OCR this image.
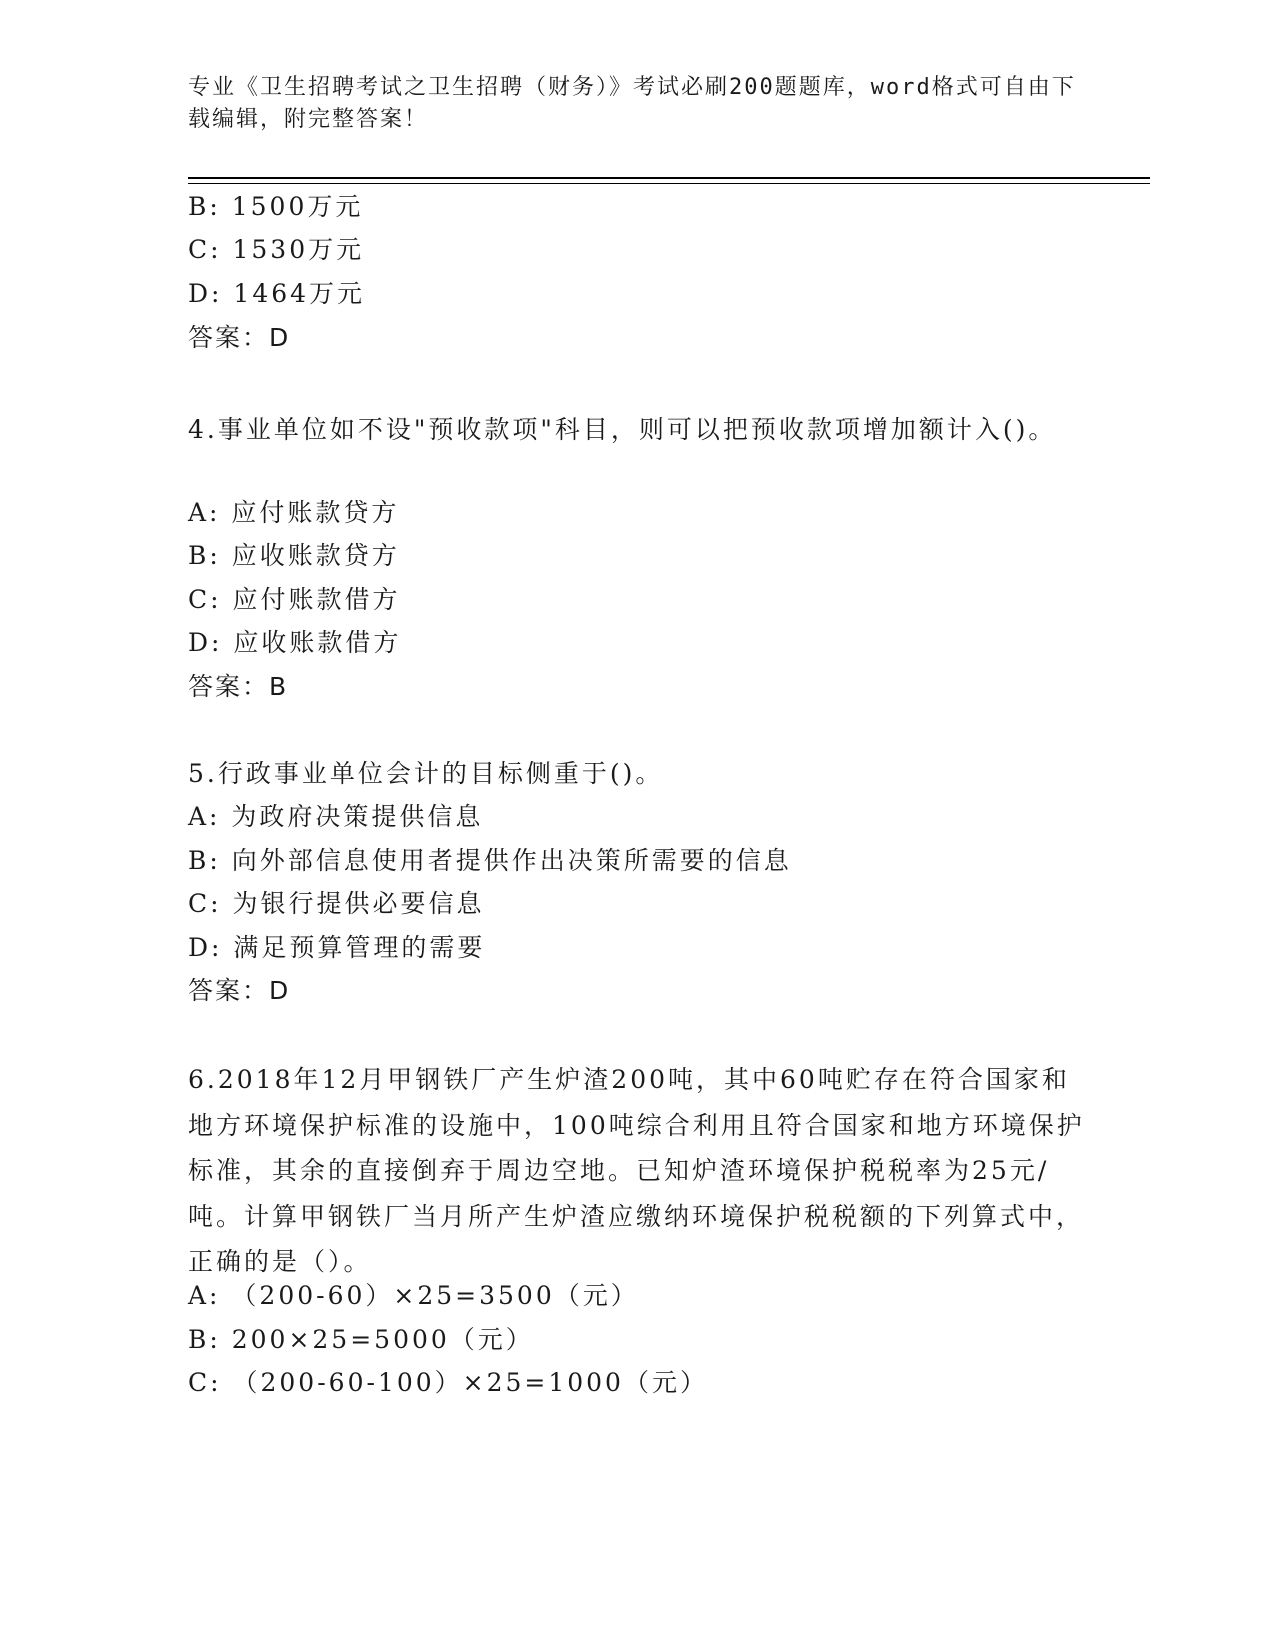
专业《卫生招聘考试之卫生招聘（财务）》考试必刷200题题库，word格式可自由下载编辑，附完整答案！
B: 1500万元
C: 1530万元
D: 1464万元
答案：D
4.事业单位如不设"预收款项"科目，则可以把预收款项增加额计入()。
A: 应付账款贷方
B: 应收账款贷方
C: 应付账款借方
D: 应收账款借方
答案：B
5.行政事业单位会计的目标侧重于()。
A: 为政府决策提供信息
B: 向外部信息使用者提供作出决策所需要的信息
C: 为银行提供必要信息
D: 满足预算管理的需要
答案：D
6.2018年12月甲钢铁厂产生炉渣200吨，其中60吨贮存在符合国家和地方环境保护标准的设施中，100吨综合利用且符合国家和地方环境保护标准，其余的直接倒弃于周边空地。已知炉渣环境保护税税率为25元/吨。计算甲钢铁厂当月所产生炉渣应缴纳环境保护税税额的下列算式中，正确的是（）。
A: （200-60）×25=3500（元）
B: 200×25=5000（元）
C: （200-60-100）×25=1000（元）
